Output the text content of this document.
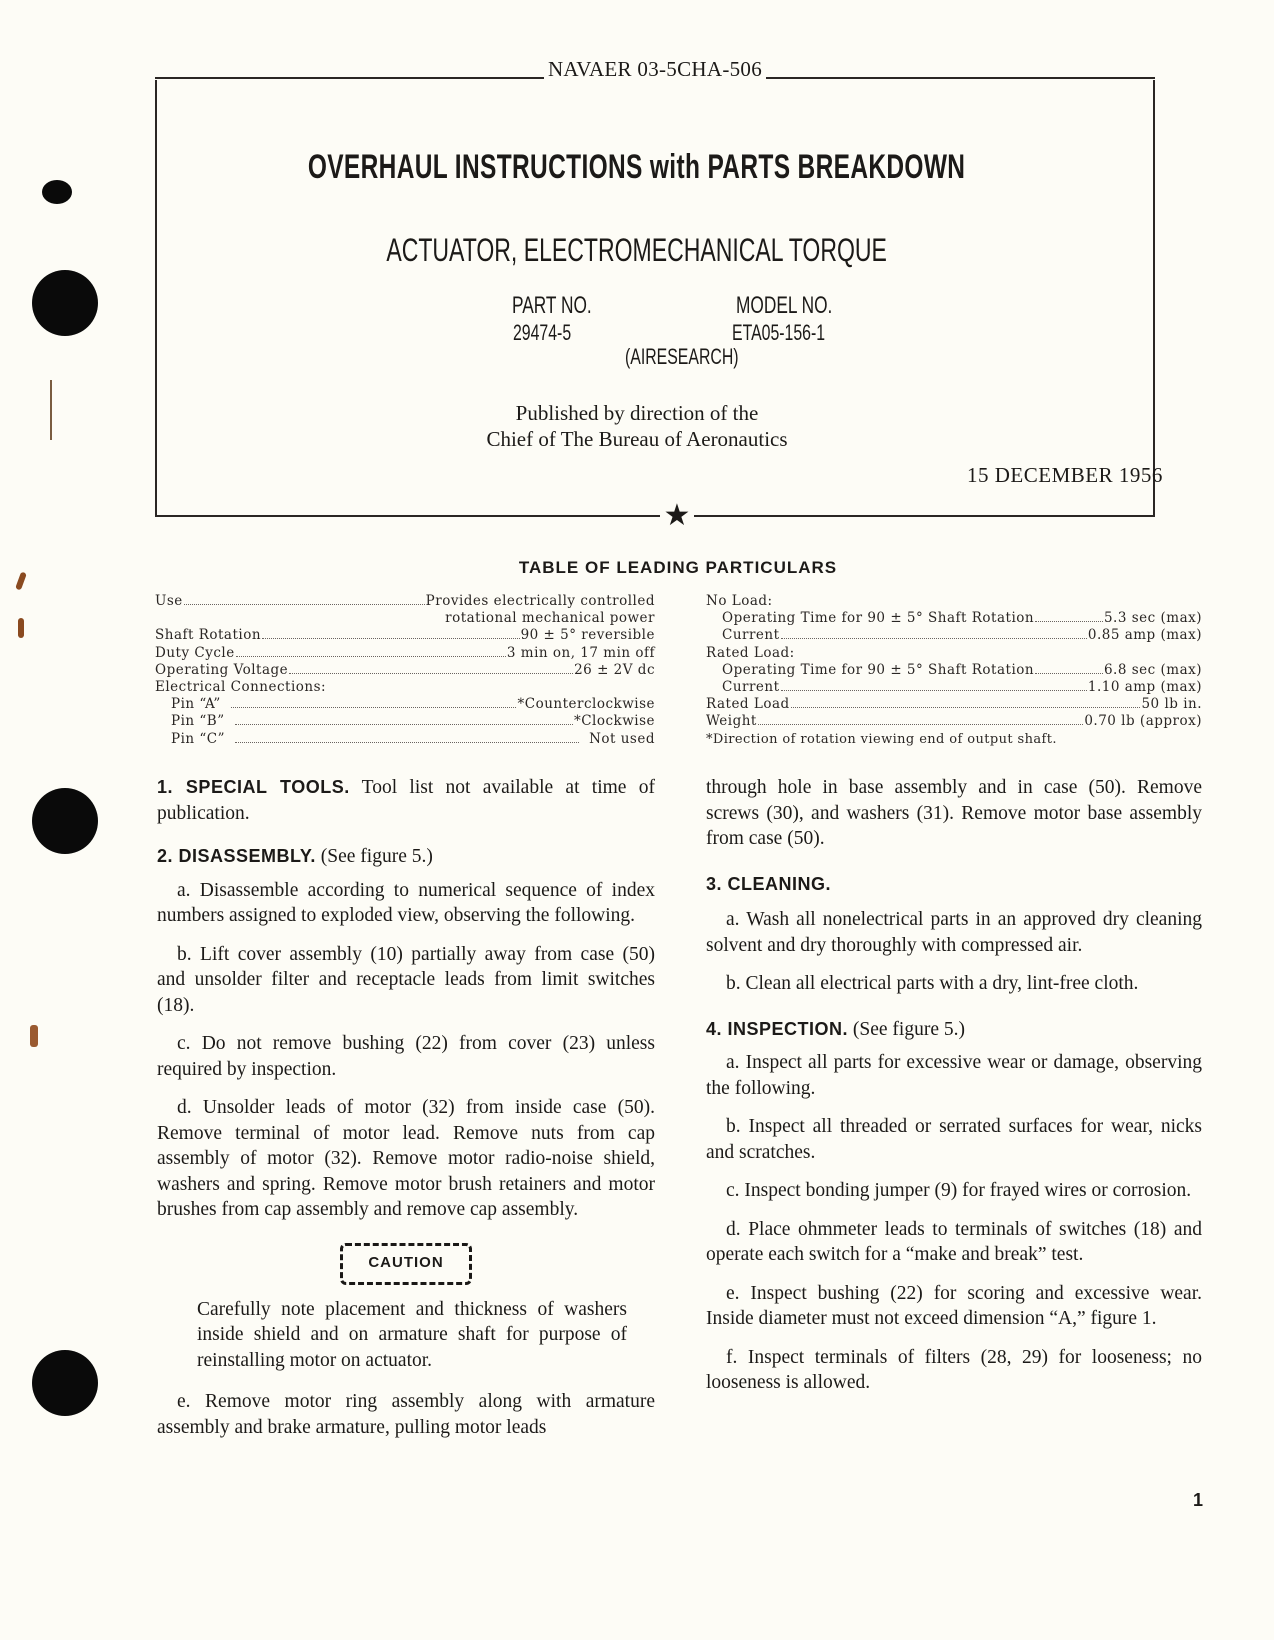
NAVAER 03-5CHA-506
★
OVERHAUL INSTRUCTIONS with PARTS BREAKDOWN
ACTUATOR, ELECTROMECHANICAL TORQUE
PART NO.
29474-5
MODEL NO.
ETA05-156-1
(AIRESEARCH)
Published by direction of the
Chief of The Bureau of Aeronautics
15 DECEMBER 1956
TABLE OF LEADING PARTICULARS
Use	Provides electrically controlled
rotational mechanical power
Shaft Rotation	90 ± 5° reversible
Duty Cycle	3 min on, 17 min off
Operating Voltage	26 ± 2V dc
Electrical Connections:
Pin “A”	*Counterclockwise
Pin “B”	*Clockwise
Pin “C”	Not used
No Load:
Operating Time for 90 ± 5° Shaft Rotation	5.3 sec (max)
Current	0.85 amp (max)
Rated Load:
Operating Time for 90 ± 5° Shaft Rotation	6.8 sec (max)
Current	1.10 amp (max)
Rated Load	50 lb in.
Weight	0.70 lb (approx)
*Direction of rotation viewing end of output shaft.

1. SPECIAL TOOLS. Tool list not available at time of publication.

2. DISASSEMBLY. (See figure 5.)

a. Disassemble according to numerical sequence of index numbers assigned to exploded view, observing the following.

b. Lift cover assembly (10) partially away from case (50) and unsolder filter and receptacle leads from limit switches (18).

c. Do not remove bushing (22) from cover (23) unless required by inspection.

d. Unsolder leads of motor (32) from inside case (50). Remove terminal of motor lead. Remove nuts from cap assembly of motor (32). Remove motor radio-noise shield, washers and spring. Remove motor brush retainers and motor brushes from cap assembly and remove cap assembly.

CAUTION

Carefully note placement and thickness of washers inside shield and on armature shaft for purpose of reinstalling motor on actuator.

e. Remove motor ring assembly along with armature assembly and brake armature, pulling motor leads

through hole in base assembly and in case (50). Remove screws (30), and washers (31). Remove motor base assembly from case (50).

3. CLEANING.

a. Wash all nonelectrical parts in an approved dry cleaning solvent and dry thoroughly with compressed air.

b. Clean all electrical parts with a dry, lint-free cloth.

4. INSPECTION. (See figure 5.)

a. Inspect all parts for excessive wear or damage, observing the following.

b. Inspect all threaded or serrated surfaces for wear, nicks and scratches.

c. Inspect bonding jumper (9) for frayed wires or corrosion.

d. Place ohmmeter leads to terminals of switches (18) and operate each switch for a “make and break” test.

e. Inspect bushing (22) for scoring and excessive wear. Inside diameter must not exceed dimension “A,” figure 1.

f. Inspect terminals of filters (28, 29) for looseness; no looseness is allowed.

1
